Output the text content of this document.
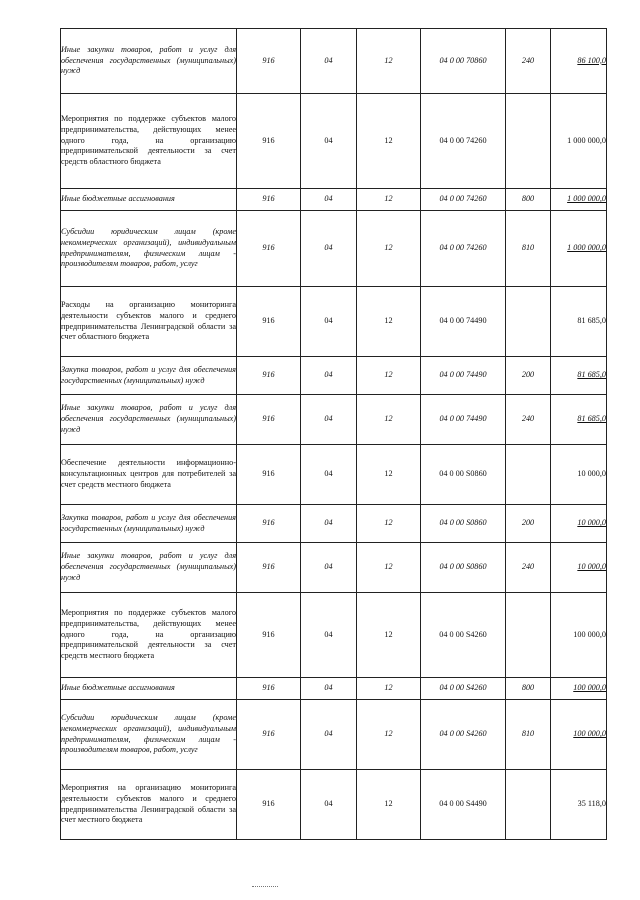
Иные закупки товаров, работ и услуг для обеспечения государственных (муниципальных) нужд	916	04	12	04 0 00 70860	240	86 100,0
Мероприятия по поддержке субъектов малого предпринимательства, действующих менее одного года, на организацию предпринимательской деятельности за счет средств областного бюджета	916	04	12	04 0 00 74260		1 000 000,0
Иные бюджетные ассигнования	916	04	12	04 0 00 74260	800	1 000 000,0
Субсидии юридическим лицам (кроме некоммерческих организаций), индивидуальным предпринимателям, физическим лицам - производителям товаров, работ, услуг	916	04	12	04 0 00 74260	810	1 000 000,0
Расходы на организацию мониторинга деятельности субъектов малого и среднего предпринимательства Ленинградской области за счет областного бюджета	916	04	12	04 0 00 74490		81 685,0
Закупка товаров, работ и услуг для обеспечения государственных (муниципальных) нужд	916	04	12	04 0 00 74490	200	81 685,0
Иные закупки товаров, работ и услуг для обеспечения государственных (муниципальных) нужд	916	04	12	04 0 00 74490	240	81 685,0
Обеспечение деятельности информационно-консультационных центров для потребителей за счет средств местного бюджета	916	04	12	04 0 00 S0860		10 000,0
Закупка товаров, работ и услуг для обеспечения государственных (муниципальных) нужд	916	04	12	04 0 00 S0860	200	10 000,0
Иные закупки товаров, работ и услуг для обеспечения государственных (муниципальных) нужд	916	04	12	04 0 00 S0860	240	10 000,0
Мероприятия по поддержке субъектов малого предпринимательства, действующих менее одного года, на организацию предпринимательской деятельности за счет средств местного бюджета	916	04	12	04 0 00 S4260		100 000,0
Иные бюджетные ассигнования	916	04	12	04 0 00 S4260	800	100 000,0
Субсидии юридическим лицам (кроме некоммерческих организаций), индивидуальным предпринимателям, физическим лицам - производителям товаров, работ, услуг	916	04	12	04 0 00 S4260	810	100 000,0
Мероприятия на организацию мониторинга деятельности субъектов малого и среднего предпринимательства Ленинградской области за счет местного бюджета	916	04	12	04 0 00 S4490		35 118,0
